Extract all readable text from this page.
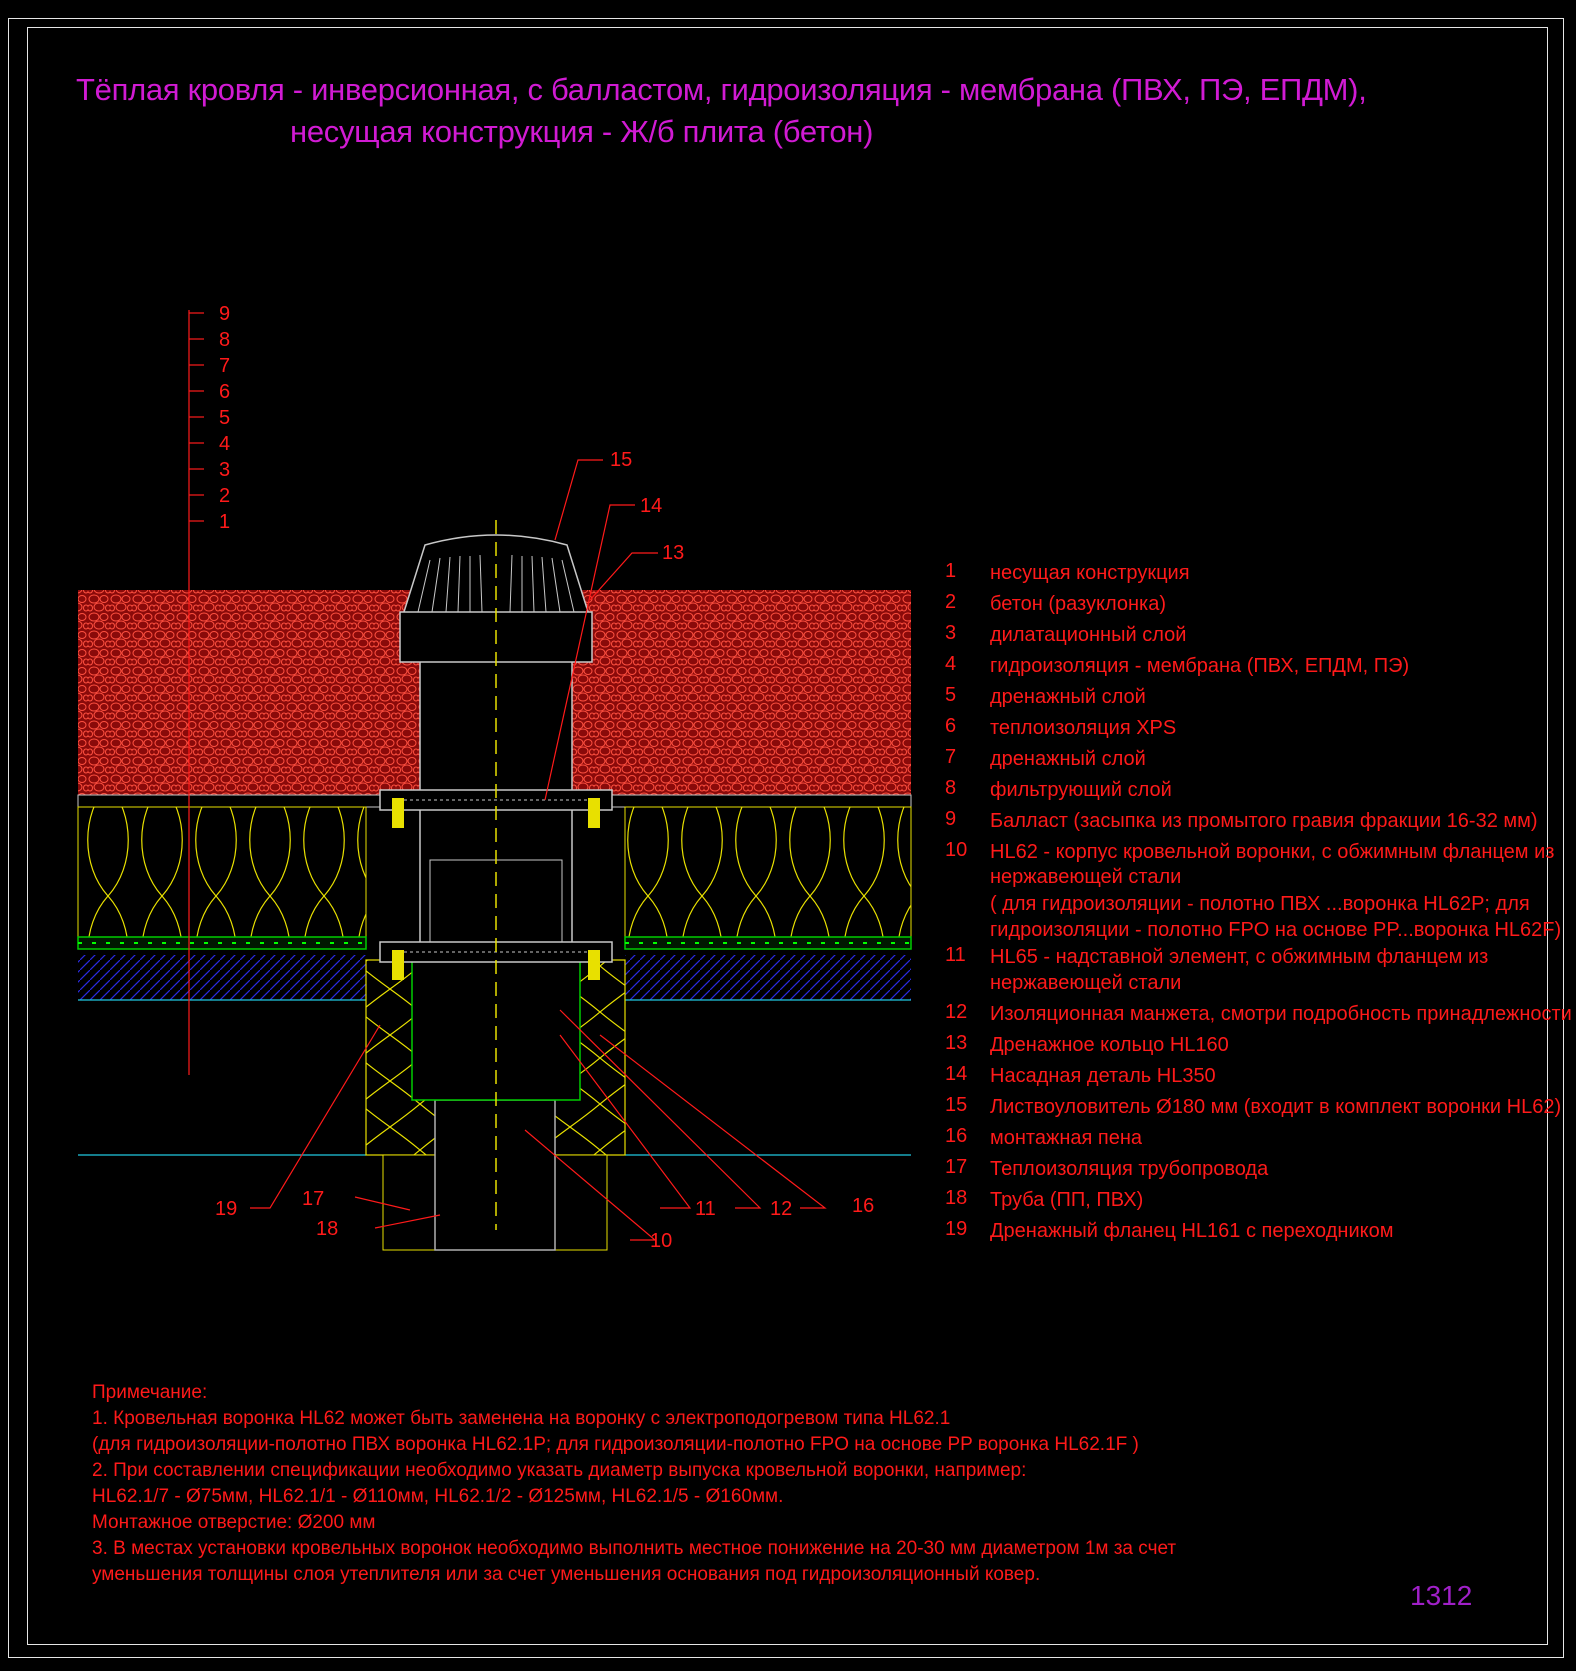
Тёплая кровля - инверсионная, с балластом, гидроизоляция - мембрана (ПВХ, ПЭ, ЕПДМ),
несущая конструкция - Ж/б плита (бетон)
9
8
7
6
5
4
3
2
1
15
14
13
19	17
18
11	12	16
10
1	несущая конструкция
2	бетон (разуклонка)
3	дилатационный слой
4	гидроизоляция - мембрана (ПВХ, ЕПДМ, ПЭ)
5	дренажный слой
6	теплоизоляция XPS
7	дренажный слой
8	фильтрующий слой
9	Балласт (засыпка из промытого гравия фракции 16-32 мм)
10	HL62 - корпус кровельной воронки, с обжимным фланцем из
нержавеющей стали
( для гидроизоляции - полотно ПВХ ...воронка HL62P; для
гидроизоляции - полотно FPO на основе PP...воронка HL62F)
11	HL65 - надставной элемент, с обжимным фланцем из
нержавеющей стали
12	Изоляционная манжета, смотри подробность принадлежности
13	Дренажное кольцо HL160
14	Насадная деталь HL350
15	Листвоуловитель Ø180 мм (входит в комплект воронки HL62)
16	монтажная пена
17	Теплоизоляция трубопровода
18	Труба (ПП, ПВХ)
19	Дренажный фланец HL161 с переходником
Примечание:
1. Кровельная воронка HL62 может быть заменена на воронку с электроподогревом типа HL62.1
(для гидроизоляции-полотно ПВХ воронка HL62.1P; для гидроизоляции-полотно FPO на основе PP воронка HL62.1F )
2. При составлении спецификации необходимо указать диаметр выпуска кровельной воронки, например:
HL62.1/7 - Ø75мм, HL62.1/1 - Ø110мм, HL62.1/2 - Ø125мм, HL62.1/5 - Ø160мм.
Монтажное отверстие: Ø200 мм
3. В местах установки кровельных воронок необходимо выполнить местное понижение на 20-30 мм диаметром 1м за счет
уменьшения толщины слоя утеплителя или за счет уменьшения основания под гидроизоляционный ковер.
1312
